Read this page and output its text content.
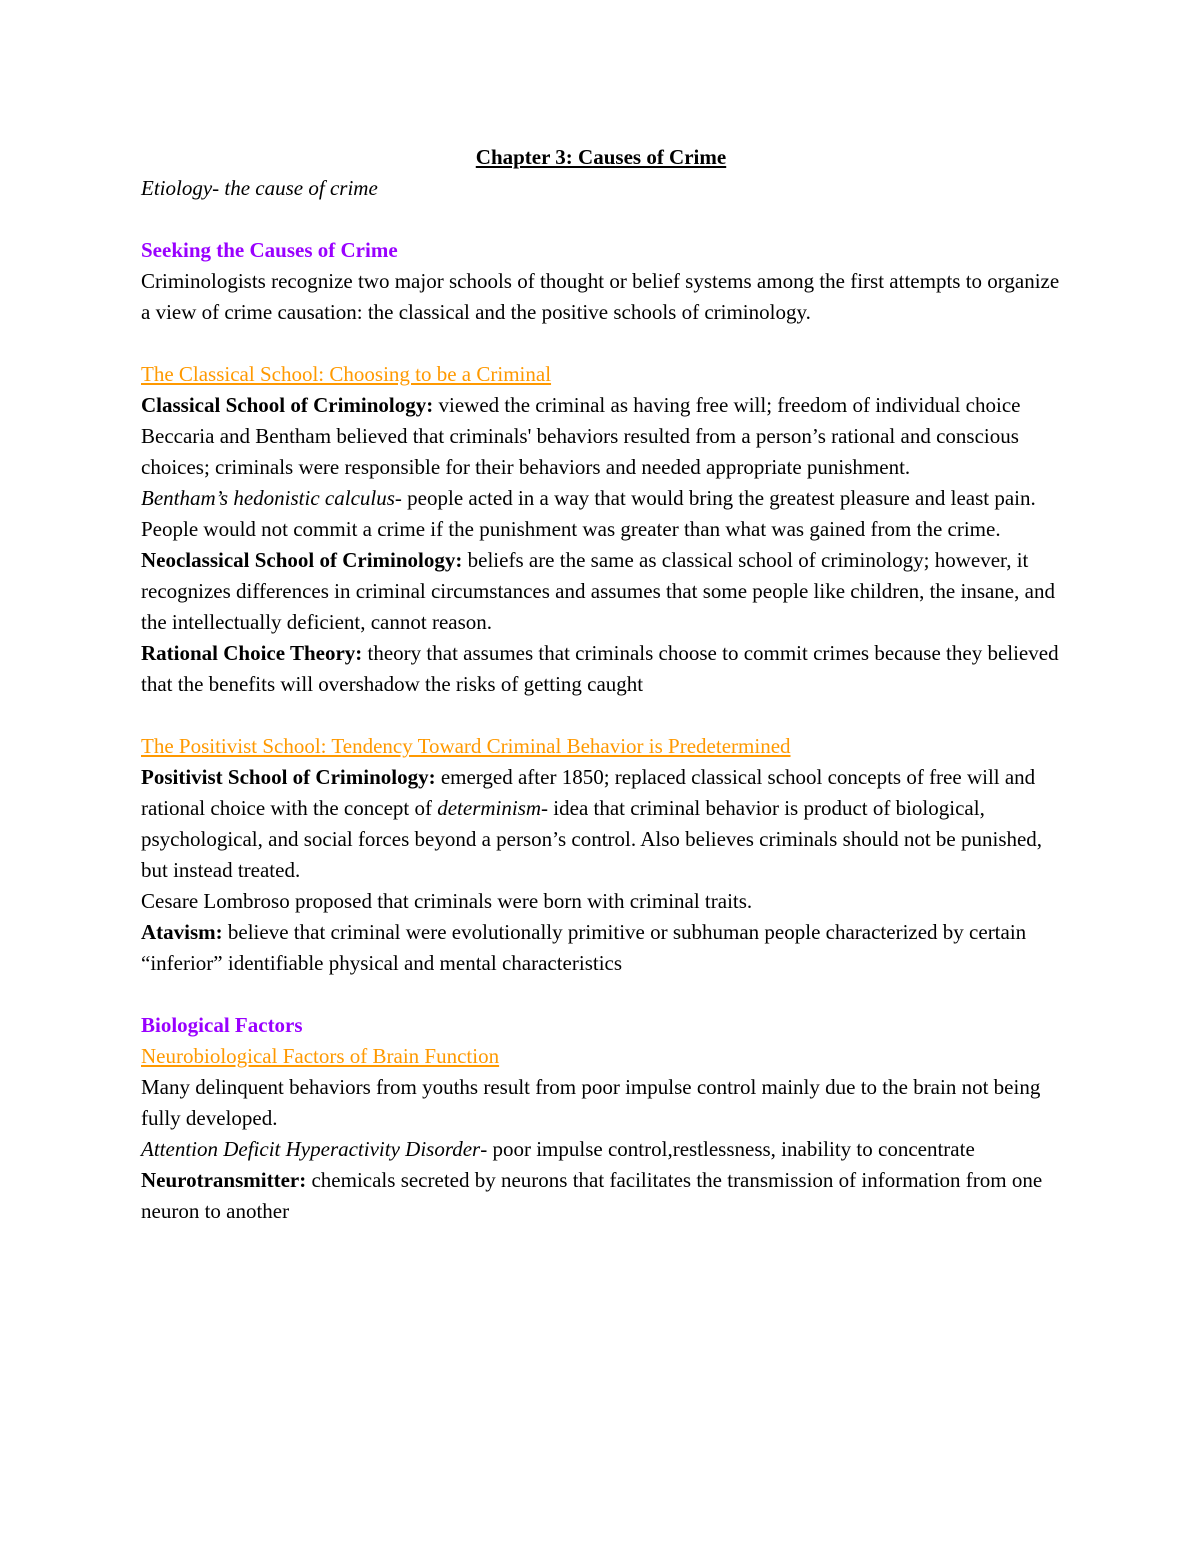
Chapter 3: Causes of Crime

Etiology- the cause of crime

Seeking the Causes of Crime

Criminologists recognize two major schools of thought or belief systems among the first attempts to organize a view of crime causation: the classical and the positive schools of criminology.

The Classical School: Choosing to be a Criminal

Classical School of Criminology: viewed the criminal as having free will; freedom of individual choice

Beccaria and Bentham believed that criminals' behaviors resulted from a person’s rational and conscious choices; criminals were responsible for their behaviors and needed appropriate punishment.

Bentham’s hedonistic calculus- people acted in a way that would bring the greatest pleasure and least pain. People would not commit a crime if the punishment was greater than what was gained from the crime.

Neoclassical School of Criminology: beliefs are the same as classical school of criminology; however, it recognizes differences in criminal circumstances and assumes that some people like children, the insane, and the intellectually deficient, cannot reason.

Rational Choice Theory: theory that assumes that criminals choose to commit crimes because they believed that the benefits will overshadow the risks of getting caught

The Positivist School: Tendency Toward Criminal Behavior is Predetermined

Positivist School of Criminology: emerged after 1850; replaced classical school concepts of free will and rational choice with the concept of determinism- idea that criminal behavior is product of biological, psychological, and social forces beyond a person’s control. Also believes criminals should not be punished, but instead treated.

Cesare Lombroso proposed that criminals were born with criminal traits.

Atavism: believe that criminal were evolutionally primitive or subhuman people characterized by certain “inferior” identifiable physical and mental characteristics

Biological Factors

Neurobiological Factors of Brain Function

Many delinquent behaviors from youths result from poor impulse control mainly due to the brain not being fully developed.

Attention Deficit Hyperactivity Disorder- poor impulse control,restlessness, inability to concentrate

Neurotransmitter: chemicals secreted by neurons that facilitates the transmission of information from one neuron to another
